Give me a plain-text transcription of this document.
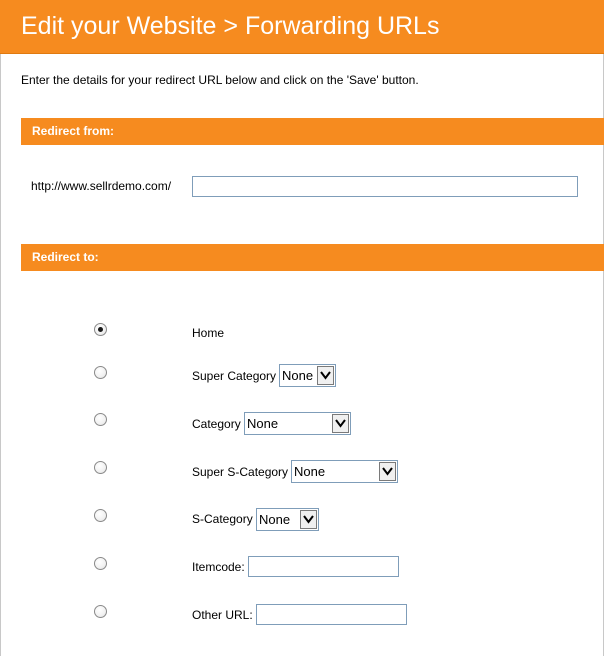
Edit your Website > Forwarding URLs
Enter the details for your redirect URL below and click on the 'Save' button.
Redirect from:
http://www.sellrdemo.com/
Redirect to:
Home
Super Category None
Category None
Super S-Category None
S-Category None
Itemcode:
Other URL:
